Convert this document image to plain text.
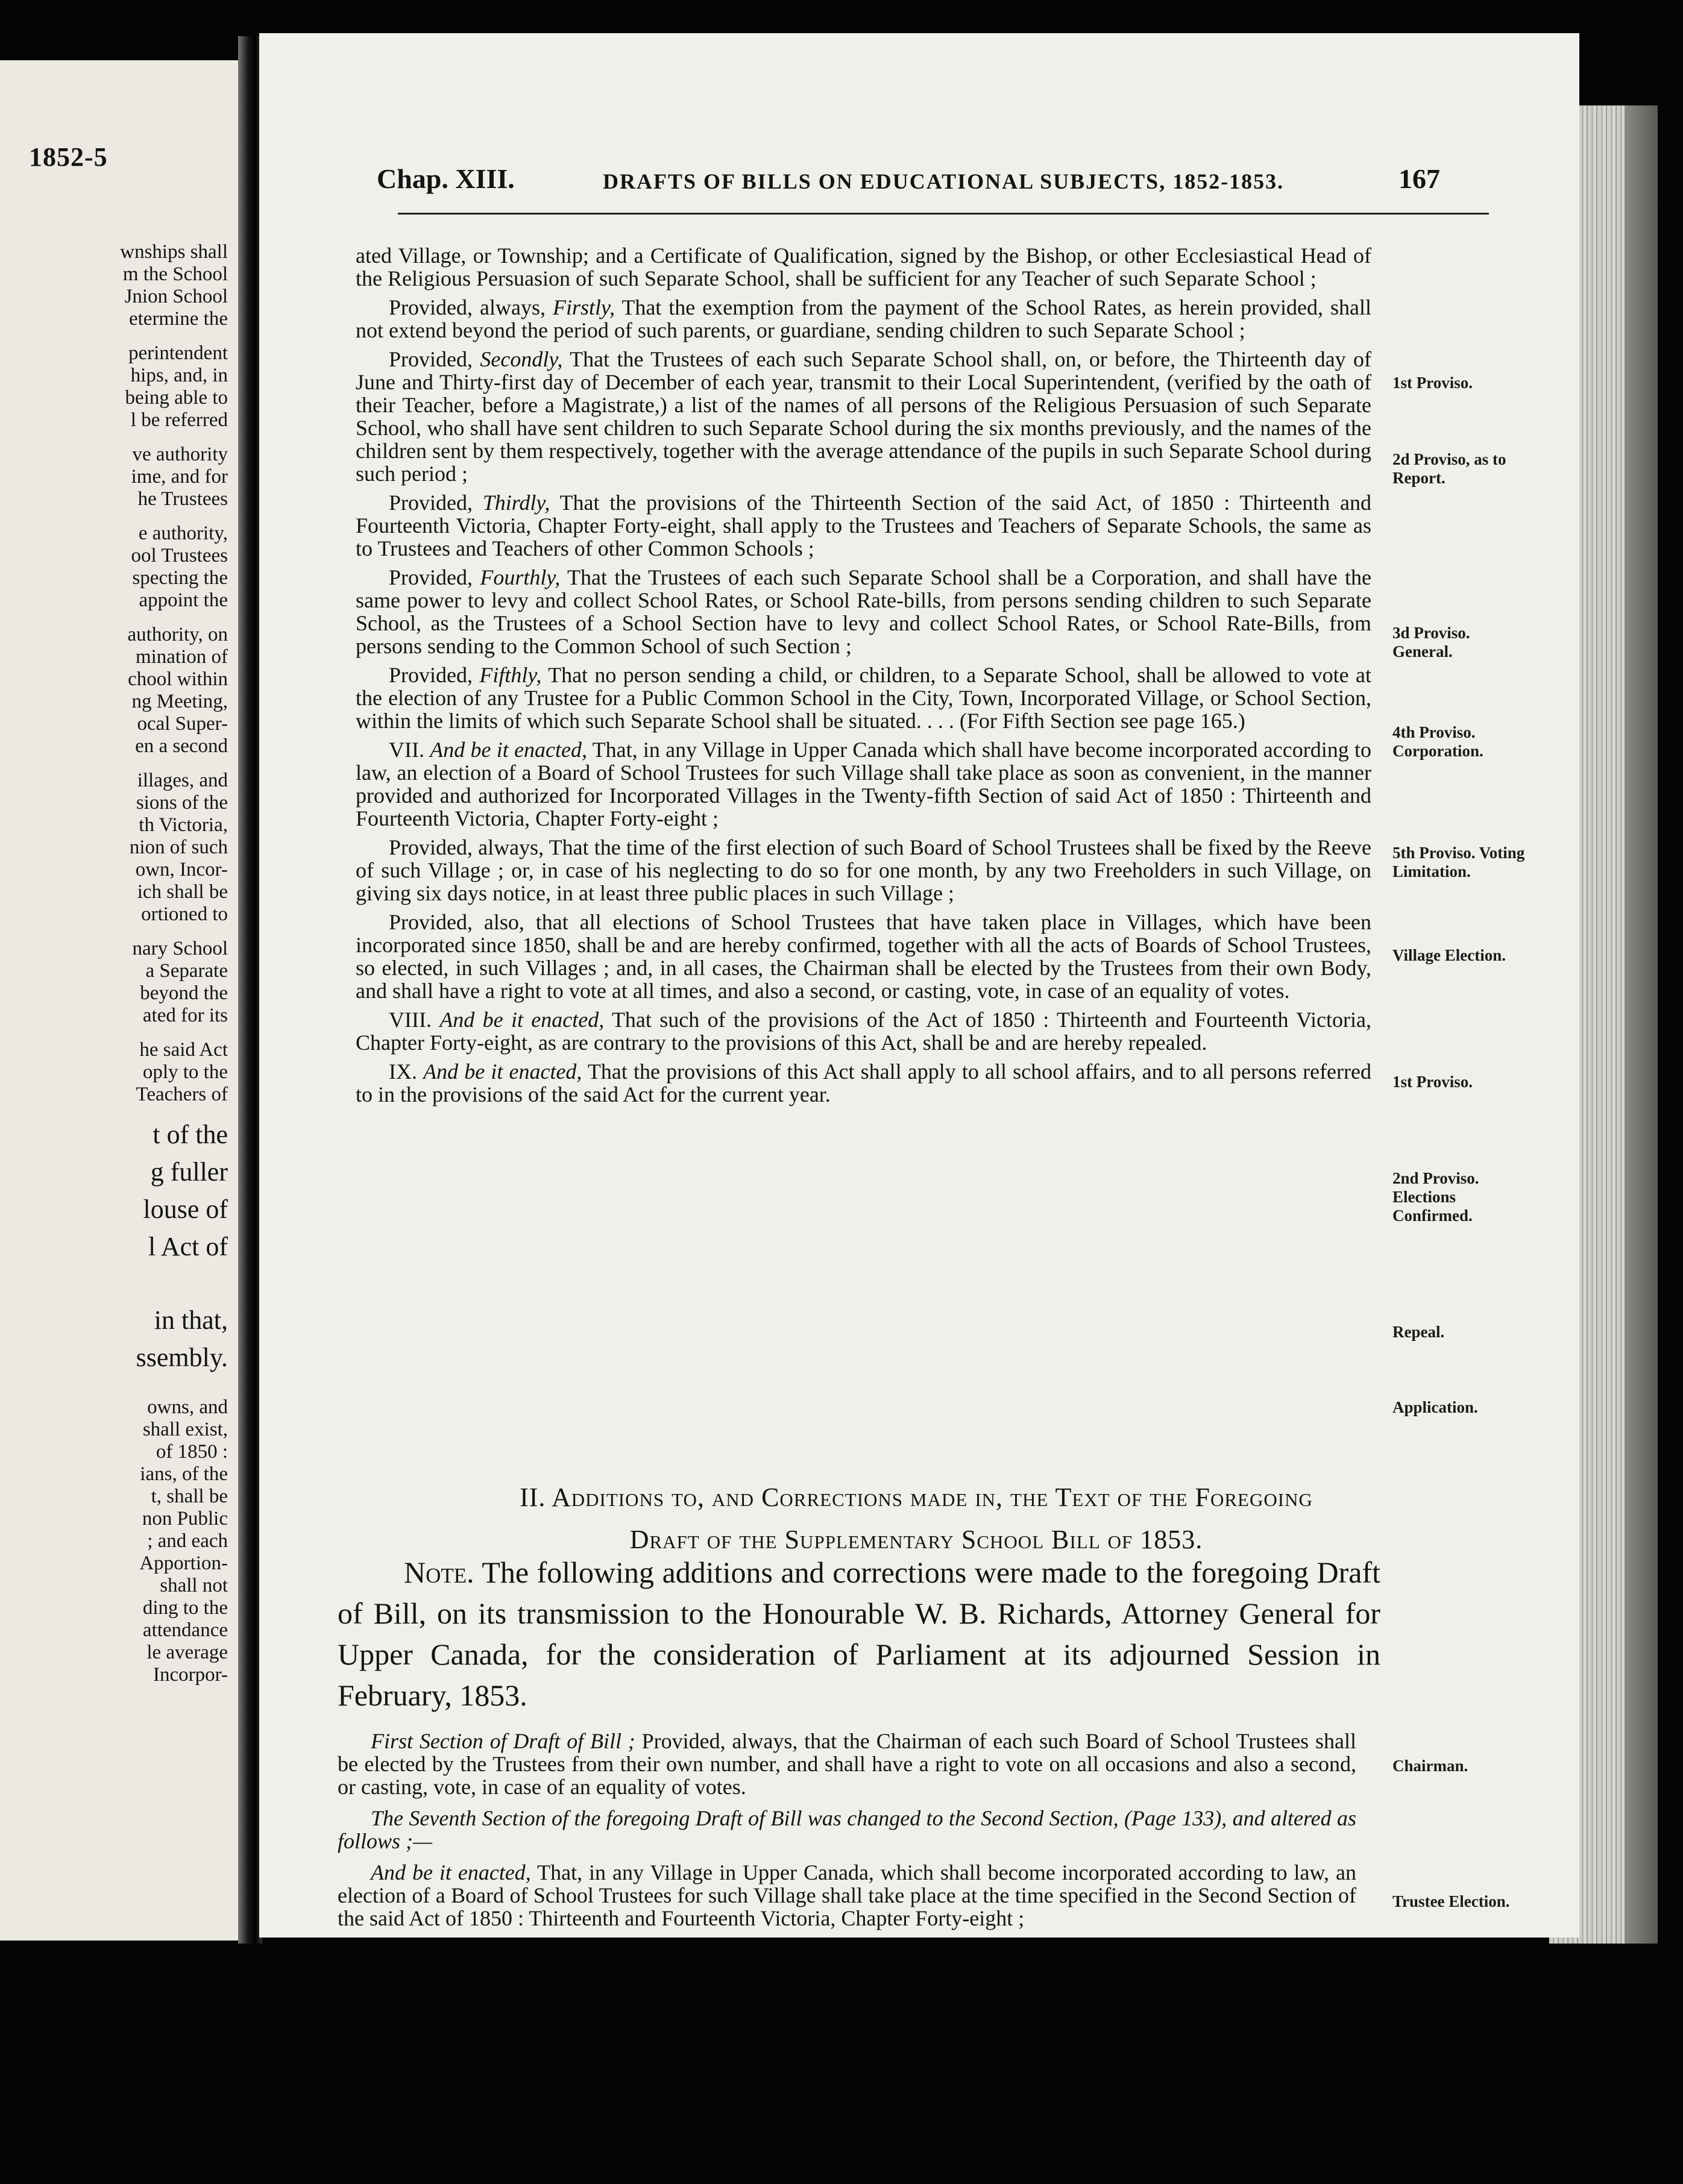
1852-5
wnships shall
m the School
Jnion School
etermine the
perintendent
hips, and, in
being able to
l be referred
ve authority
ime, and for
he Trustees
e authority,
ool Trustees
specting the
appoint the
authority, on
mination of
chool within
ng Meeting,
ocal Super-
en a second
illages, and
sions of the
th Victoria,
nion of such
own, Incor-
ich shall be
ortioned to
nary School
a Separate
beyond the
ated for its
he said Act
oply to the
Teachers of
t of the
g fuller
louse of
l Act of
in that,
ssembly.
owns, and
shall exist,
of 1850 :
ians, of the
t, shall be
non Public
; and each
Apportion-
shall not
ding to the
attendance
le average
Incorpor-
Chap. XIII.	DRAFTS OF BILLS ON EDUCATIONAL SUBJECTS, 1852-1853.	167

ated Village, or Township; and a Certificate of Qualification, signed by the Bishop, or other Ecclesiastical Head of the Religious Persuasion of such Separate School, shall be sufficient for any Teacher of such Separate School ;

Provided, always, Firstly, That the exemption from the payment of the School Rates, as herein provided, shall not extend beyond the period of such parents, or guardiane, sending children to such Separate School ;

Provided, Secondly, That the Trustees of each such Separate School shall, on, or before, the Thirteenth day of June and Thirty-first day of December of each year, transmit to their Local Superintendent, (verified by the oath of their Teacher, before a Magistrate,) a list of the names of all persons of the Religious Persuasion of such Separate School, who shall have sent children to such Separate School during the six months previously, and the names of the children sent by them respectively, together with the average attendance of the pupils in such Separate School during such period ;

Provided, Thirdly, That the provisions of the Thirteenth Section of the said Act, of 1850 : Thirteenth and Fourteenth Victoria, Chapter Forty-eight, shall apply to the Trustees and Teachers of Separate Schools, the same as to Trustees and Teachers of other Common Schools ;

Provided, Fourthly, That the Trustees of each such Separate School shall be a Corporation, and shall have the same power to levy and collect School Rates, or School Rate-bills, from persons sending children to such Separate School, as the Trustees of a School Section have to levy and collect School Rates, or School Rate-Bills, from persons sending to the Common School of such Section ;

Provided, Fifthly, That no person sending a child, or children, to a Separate School, shall be allowed to vote at the election of any Trustee for a Public Common School in the City, Town, Incorporated Village, or School Section, within the limits of which such Separate School shall be situated. . . . (For Fifth Section see page 165.)

VII. And be it enacted, That, in any Village in Upper Canada which shall have become incorporated according to law, an election of a Board of School Trustees for such Village shall take place as soon as convenient, in the manner provided and authorized for Incorporated Villages in the Twenty-fifth Section of said Act of 1850 : Thirteenth and Fourteenth Victoria, Chapter Forty-eight ;

Provided, always, That the time of the first election of such Board of School Trustees shall be fixed by the Reeve of such Village ; or, in case of his neglecting to do so for one month, by any two Freeholders in such Village, on giving six days notice, in at least three public places in such Village ;

Provided, also, that all elections of School Trustees that have taken place in Villages, which have been incorporated since 1850, shall be and are hereby confirmed, together with all the acts of Boards of School Trustees, so elected, in such Villages ; and, in all cases, the Chairman shall be elected by the Trustees from their own Body, and shall have a right to vote at all times, and also a second, or casting, vote, in case of an equality of votes.

VIII. And be it enacted, That such of the provisions of the Act of 1850 : Thirteenth and Fourteenth Victoria, Chapter Forty-eight, as are contrary to the provisions of this Act, shall be and are hereby repealed.

IX. And be it enacted, That the provisions of this Act shall apply to all school affairs, and to all persons referred to in the provisions of the said Act for the current year.

1st Proviso.
2d Proviso, as to Report.
3d Proviso. General.
4th Proviso. Corporation.
5th Proviso. Voting Limitation.
Village Election.
1st Proviso.
2nd Proviso. Elections Confirmed.
Repeal.
Application.
Chairman.
Trustee Election.
II. Additions to, and Corrections made in, the Text of the Foregoing
Draft of the Supplementary School Bill of 1853.

Note. The following additions and corrections were made to the foregoing Draft of Bill, on its transmission to the Honourable W. B. Richards, Attorney General for Upper Canada, for the consideration of Parliament at its adjourned Session in February, 1853.

First Section of Draft of Bill ; Provided, always, that the Chairman of each such Board of School Trustees shall be elected by the Trustees from their own number, and shall have a right to vote on all occasions and also a second, or casting, vote, in case of an equality of votes.

The Seventh Section of the foregoing Draft of Bill was changed to the Second Section, (Page 133), and altered as follows ;—

And be it enacted, That, in any Village in Upper Canada, which shall become incorporated according to law, an election of a Board of School Trustees for such Village shall take place at the time specified in the Second Section of the said Act of 1850 : Thirteenth and Fourteenth Victoria, Chapter Forty-eight ;
